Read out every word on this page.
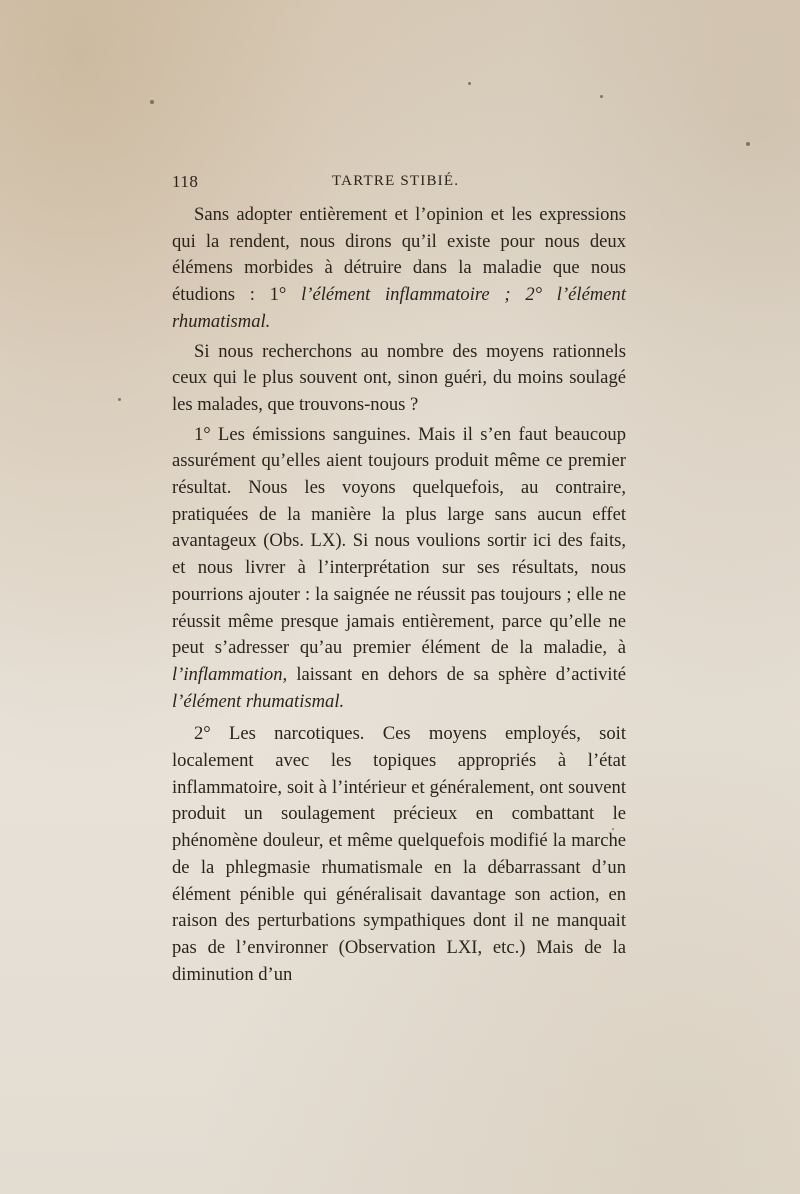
118	TARTRE STIBIÉ.

Sans adopter entièrement et l’opinion et les expressions qui la rendent, nous dirons qu’il existe pour nous deux élémens morbides à détruire dans la maladie que nous étudions : 1° l’élément inflammatoire ; 2° l’élément rhumatismal.

Si nous recherchons au nombre des moyens rationnels ceux qui le plus souvent ont, sinon guéri, du moins soulagé les malades, que trouvons-nous ?

1° Les émissions sanguines. Mais il s’en faut beaucoup assurément qu’elles aient toujours produit même ce premier résultat. Nous les voyons quelquefois, au contraire, pratiquées de la manière la plus large sans aucun effet avantageux (Obs. LX). Si nous voulions sortir ici des faits, et nous livrer à l’interprétation sur ses résultats, nous pourrions ajouter : la saignée ne réussit pas toujours ; elle ne réussit même presque jamais entièrement, parce qu’elle ne peut s’adresser qu’au premier élément de la maladie, à l’inflammation, laissant en dehors de sa sphère d’activité l’élément rhumatismal.

2° Les narcotiques. Ces moyens employés, soit localement avec les topiques appropriés à l’état inflammatoire, soit à l’intérieur et généralement, ont souvent produit un soulagement précieux en combattant le phénomène douleur, et même quelquefois modifié la marche de la phlegmasie rhumatismale en la débarrassant d’un élément pénible qui généralisait davantage son action, en raison des perturbations sympathiques dont il ne manquait pas de l’environner (Observation LXI, etc.) Mais de la diminution d’un
